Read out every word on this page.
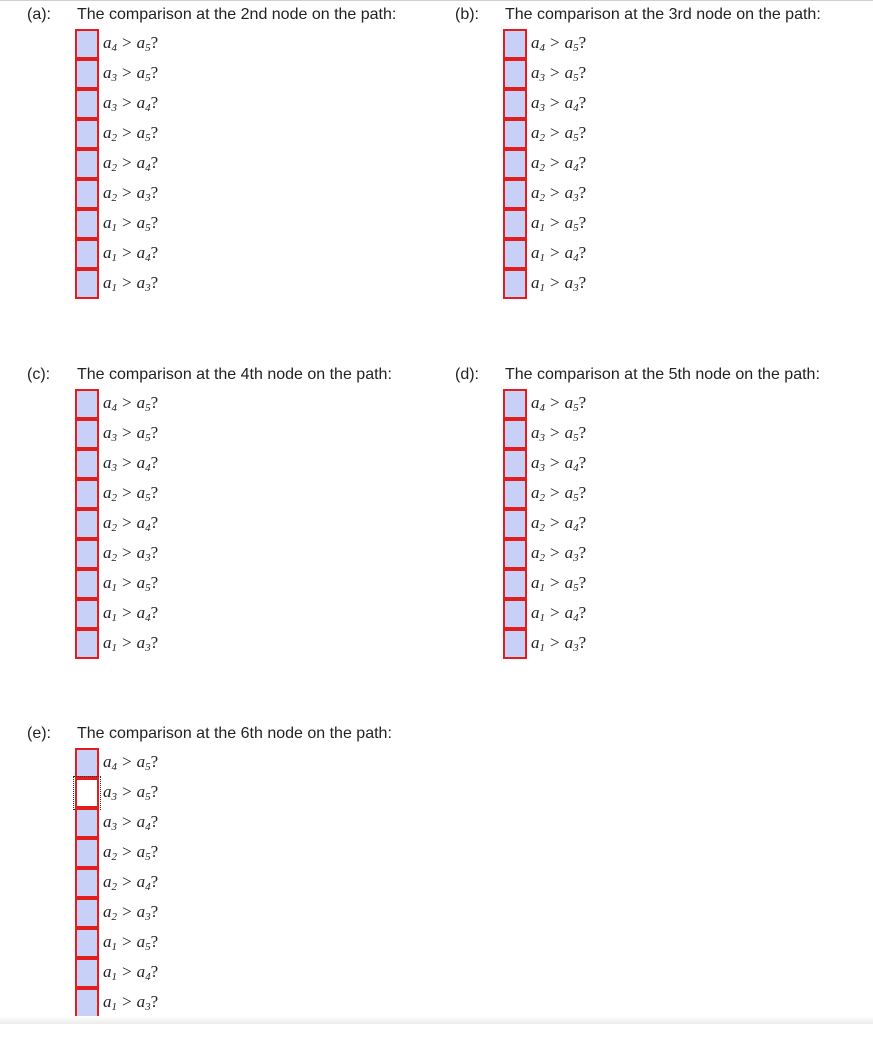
(a): The comparison at the 2nd node on the path:
$a_4 > a_5$?
$a_3 > a_5$?
$a_3 > a_4$?
$a_2 > a_5$?
$a_2 > a_4$?
$a_2 > a_3$?
$a_1 > a_5$?
$a_1 > a_4$?
$a_1 > a_3$?
(b): The comparison at the 3rd node on the path:
$a_4 > a_5$?
$a_3 > a_5$?
$a_3 > a_4$?
$a_2 > a_5$?
$a_2 > a_4$?
$a_2 > a_3$?
$a_1 > a_5$?
$a_1 > a_4$?
$a_1 > a_3$?
(c): The comparison at the 4th node on the path:
$a_4 > a_5$?
$a_3 > a_5$?
$a_3 > a_4$?
$a_2 > a_5$?
$a_2 > a_4$?
$a_2 > a_3$?
$a_1 > a_5$?
$a_1 > a_4$?
$a_1 > a_3$?
(d): The comparison at the 5th node on the path:
$a_4 > a_5$?
$a_3 > a_5$?
$a_3 > a_4$?
$a_2 > a_5$?
$a_2 > a_4$?
$a_2 > a_3$?
$a_1 > a_5$?
$a_1 > a_4$?
$a_1 > a_3$?
(e): The comparison at the 6th node on the path:
$a_4 > a_5$?
$a_3 > a_5$?
$a_3 > a_4$?
$a_2 > a_5$?
$a_2 > a_4$?
$a_2 > a_3$?
$a_1 > a_5$?
$a_1 > a_4$?
$a_1 > a_3$?
